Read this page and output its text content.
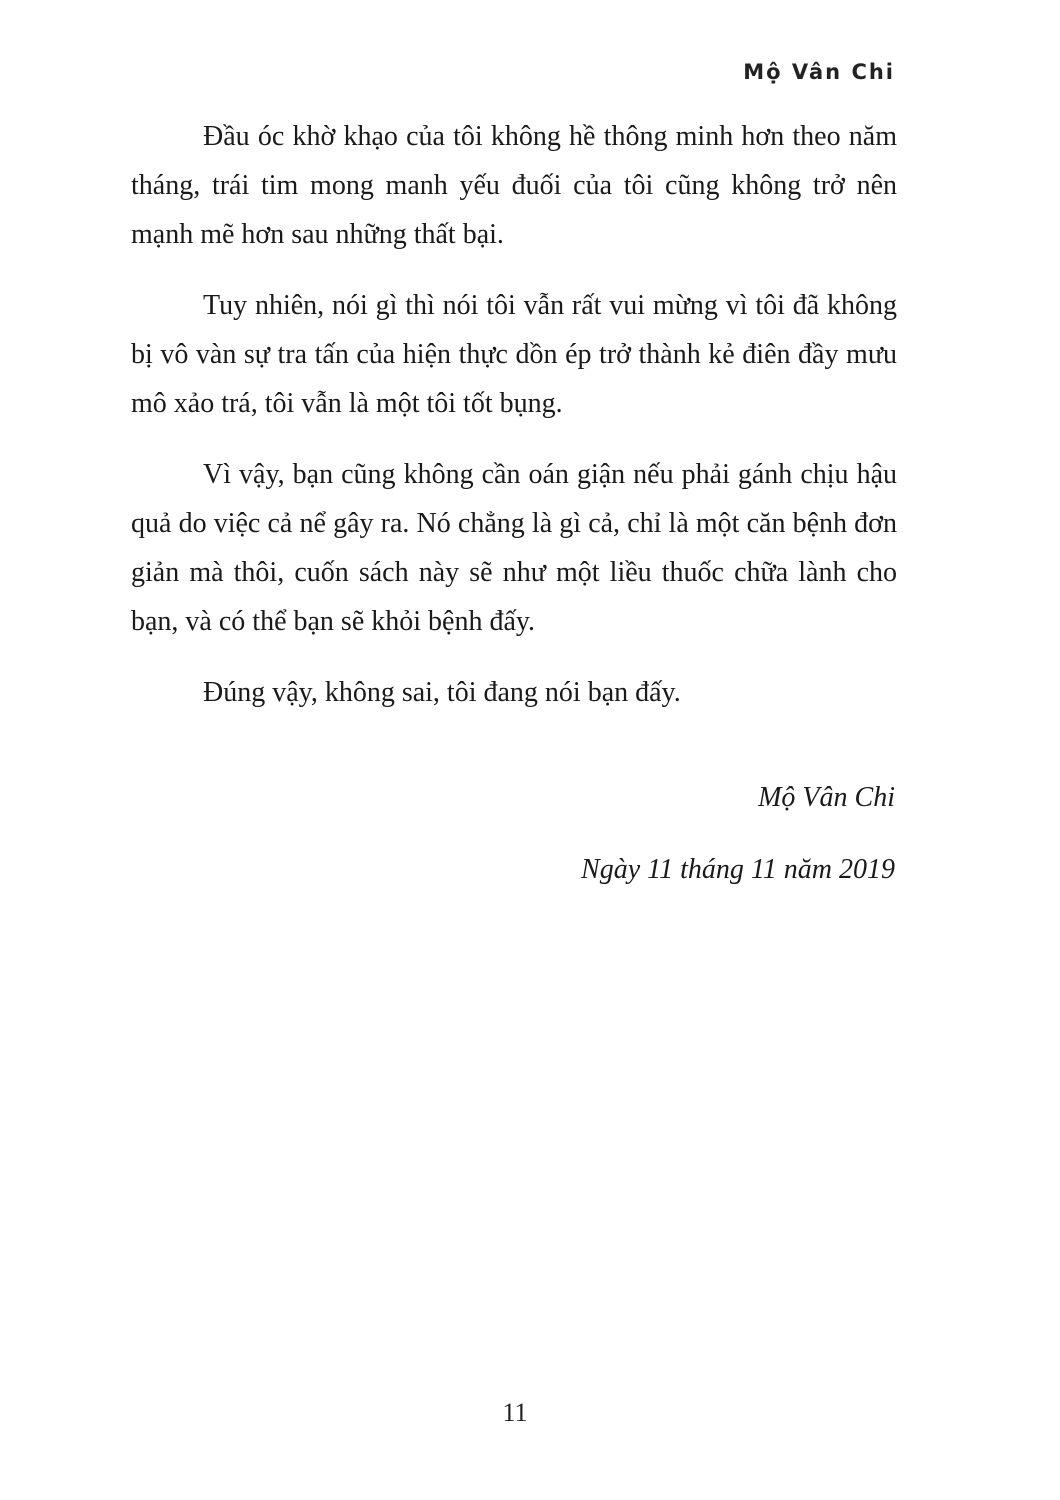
Mộ Vân Chi

Đầu óc khờ khạo của tôi không hề thông minh hơn theo năm tháng, trái tim mong manh yếu đuối của tôi cũng không trở nên mạnh mẽ hơn sau những thất bại.

Tuy nhiên, nói gì thì nói tôi vẫn rất vui mừng vì tôi đã không bị vô vàn sự tra tấn của hiện thực dồn ép trở thành kẻ điên đầy mưu mô xảo trá, tôi vẫn là một tôi tốt bụng.

Vì vậy, bạn cũng không cần oán giận nếu phải gánh chịu hậu quả do việc cả nể gây ra. Nó chẳng là gì cả, chỉ là một căn bệnh đơn giản mà thôi, cuốn sách này sẽ như một liều thuốc chữa lành cho bạn, và có thể bạn sẽ khỏi bệnh đấy.

Đúng vậy, không sai, tôi đang nói bạn đấy.

Mộ Vân Chi
Ngày 11 tháng 11 năm 2019
11
